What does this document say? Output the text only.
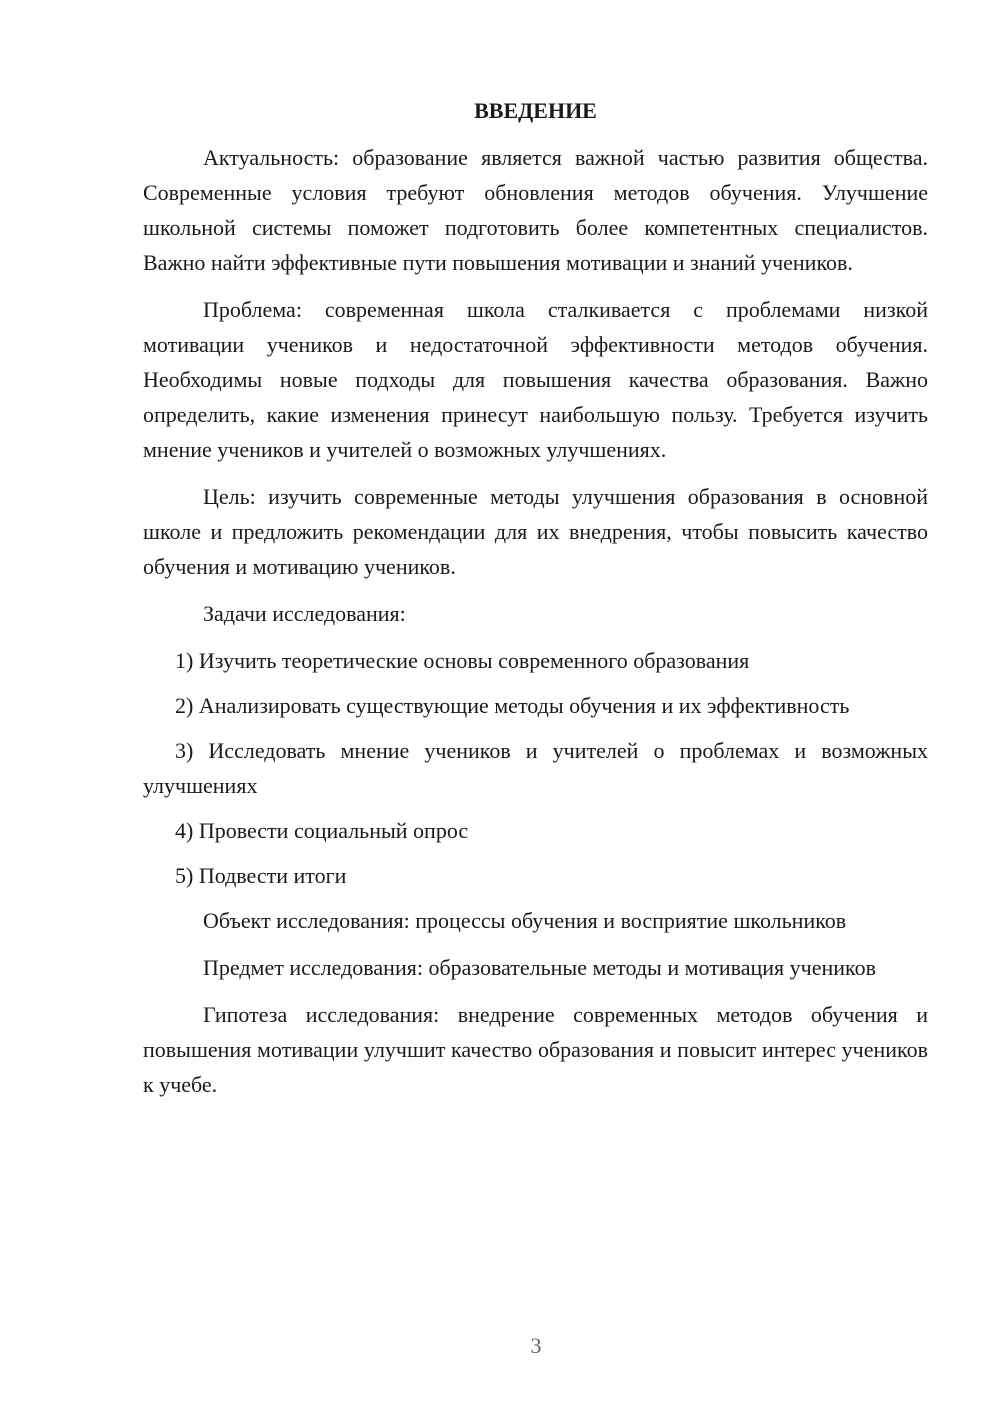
ВВЕДЕНИЕ

Актуальность: образование является важной частью развития общества. Современные условия требуют обновления методов обучения. Улучшение школьной системы поможет подготовить более компетентных специалистов. Важно найти эффективные пути повышения мотивации и знаний учеников.

Проблема: современная школа сталкивается с проблемами низкой мотивации учеников и недостаточной эффективности методов обучения. Необходимы новые подходы для повышения качества образования. Важно определить, какие изменения принесут наибольшую пользу. Требуется изучить мнение учеников и учителей о возможных улучшениях.

Цель: изучить современные методы улучшения образования в основной школе и предложить рекомендации для их внедрения, чтобы повысить качество обучения и мотивацию учеников.

Задачи исследования:

1) Изучить теоретические основы современного образования

2) Анализировать существующие методы обучения и их эффективность

3) Исследовать мнение учеников и учителей о проблемах и возможных улучшениях

4) Провести социальный опрос

5) Подвести итоги

Объект исследования: процессы обучения и восприятие школьников

Предмет исследования: образовательные методы и мотивация учеников

Гипотеза исследования: внедрение современных методов обучения и повышения мотивации улучшит качество образования и повысит интерес учеников к учебе.

3
